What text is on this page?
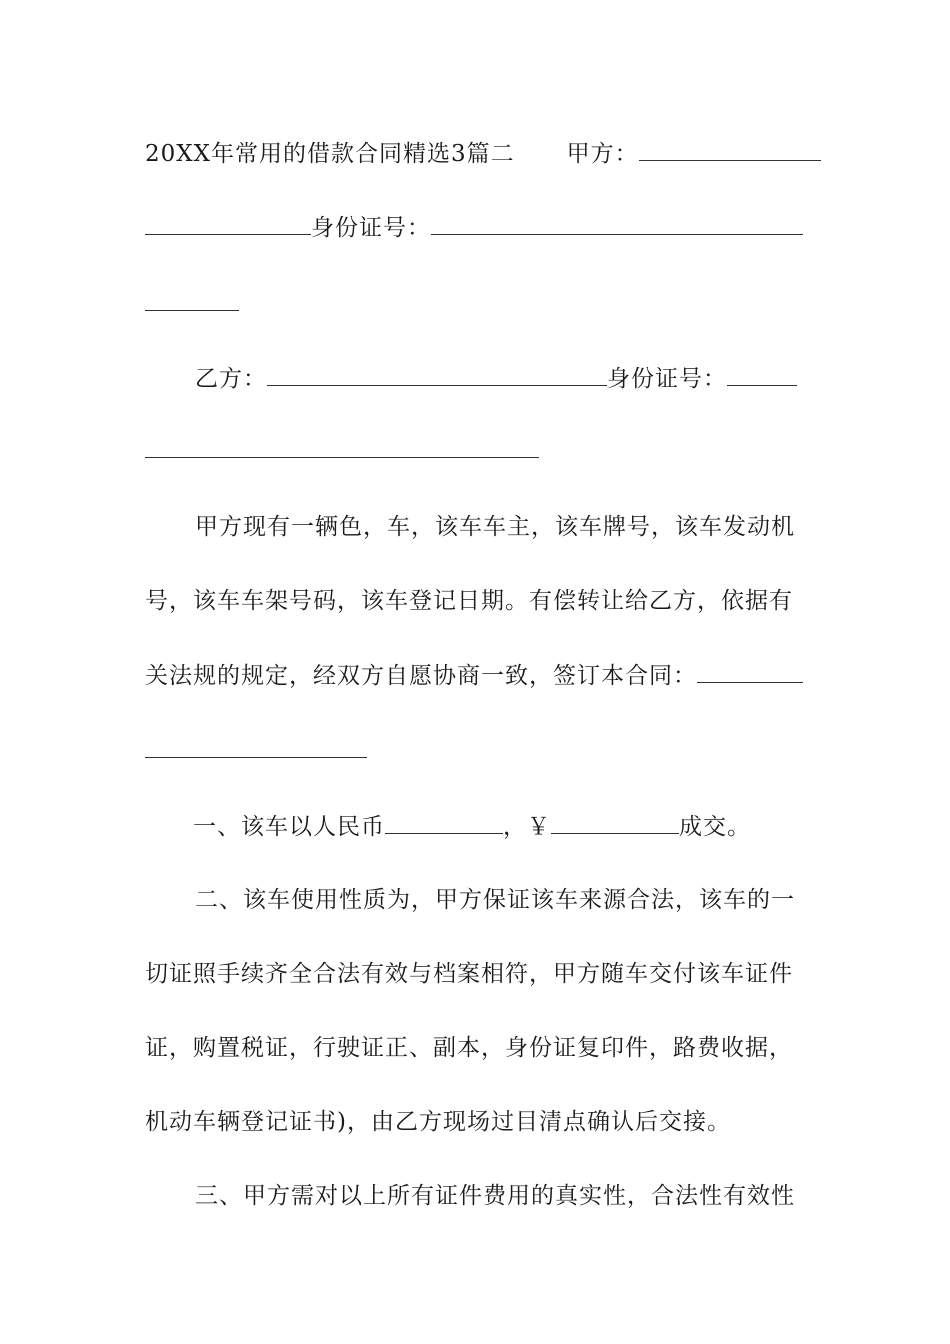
20XX年常用的借款合同精选3篇二 甲方：
身份证号：
乙方：	身份证号：
甲方现有一辆色，车，该车车主，该车牌号，该车发动机
号，该车车架号码，该车登记日期。有偿转让给乙方，依据有
关法规的规定，经双方自愿协商一致，签订本合同：
一、该车以人民币	，￥	成交。
二、该车使用性质为，甲方保证该车来源合法，该车的一
切证照手续齐全合法有效与档案相符，甲方随车交付该车证件
证，购置税证，行驶证正、副本，身份证复印件，路费收据，
机动车辆登记证书)，由乙方现场过目清点确认后交接。
三、甲方需对以上所有证件费用的真实性，合法性有效性
